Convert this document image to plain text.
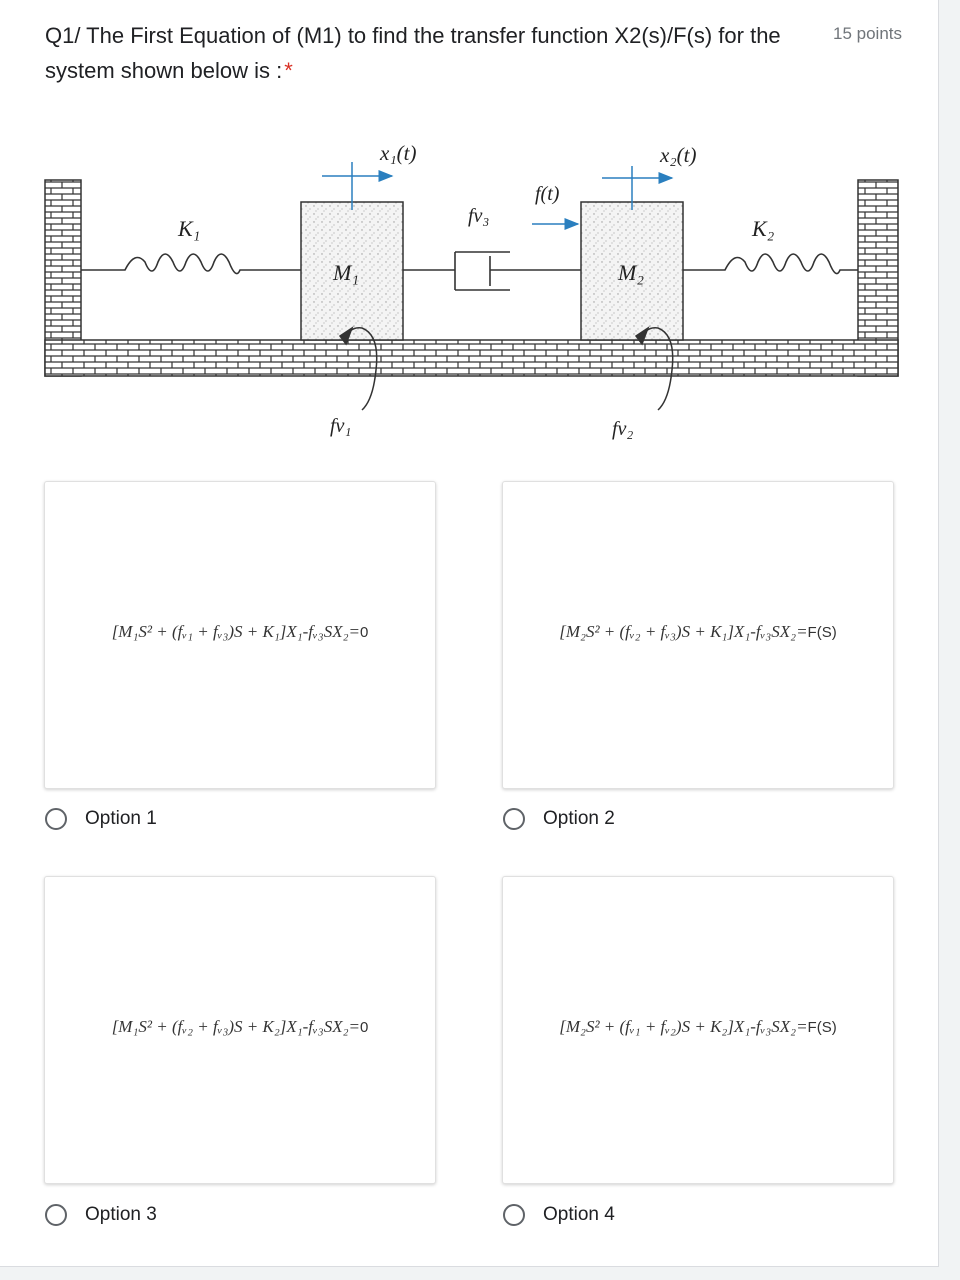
Q1/ The First Equation of (M1) to find the transfer function X2(s)/F(s) for the system shown below is :*
15 points
M₁	M₂
K₁	K₂
fv₃
x₁(t)	x₂(t)
f(t)
fv₁	fv₂
[M₁S² + (fᵥ₁ + fᵥ₃)S + K₁]X₁-fᵥ₃SX₂=0
Option 1
[M₂S² + (fᵥ₂ + fᵥ₃)S + K₁]X₁-fᵥ₃SX₂=F(S)
Option 2
[M₁S² + (fᵥ₂ + fᵥ₃)S + K₂]X₁-fᵥ₃SX₂=0
Option 3
[M₂S² + (fᵥ₁ + fᵥ₂)S + K₂]X₁-fᵥ₃SX₂=F(S)
Option 4
